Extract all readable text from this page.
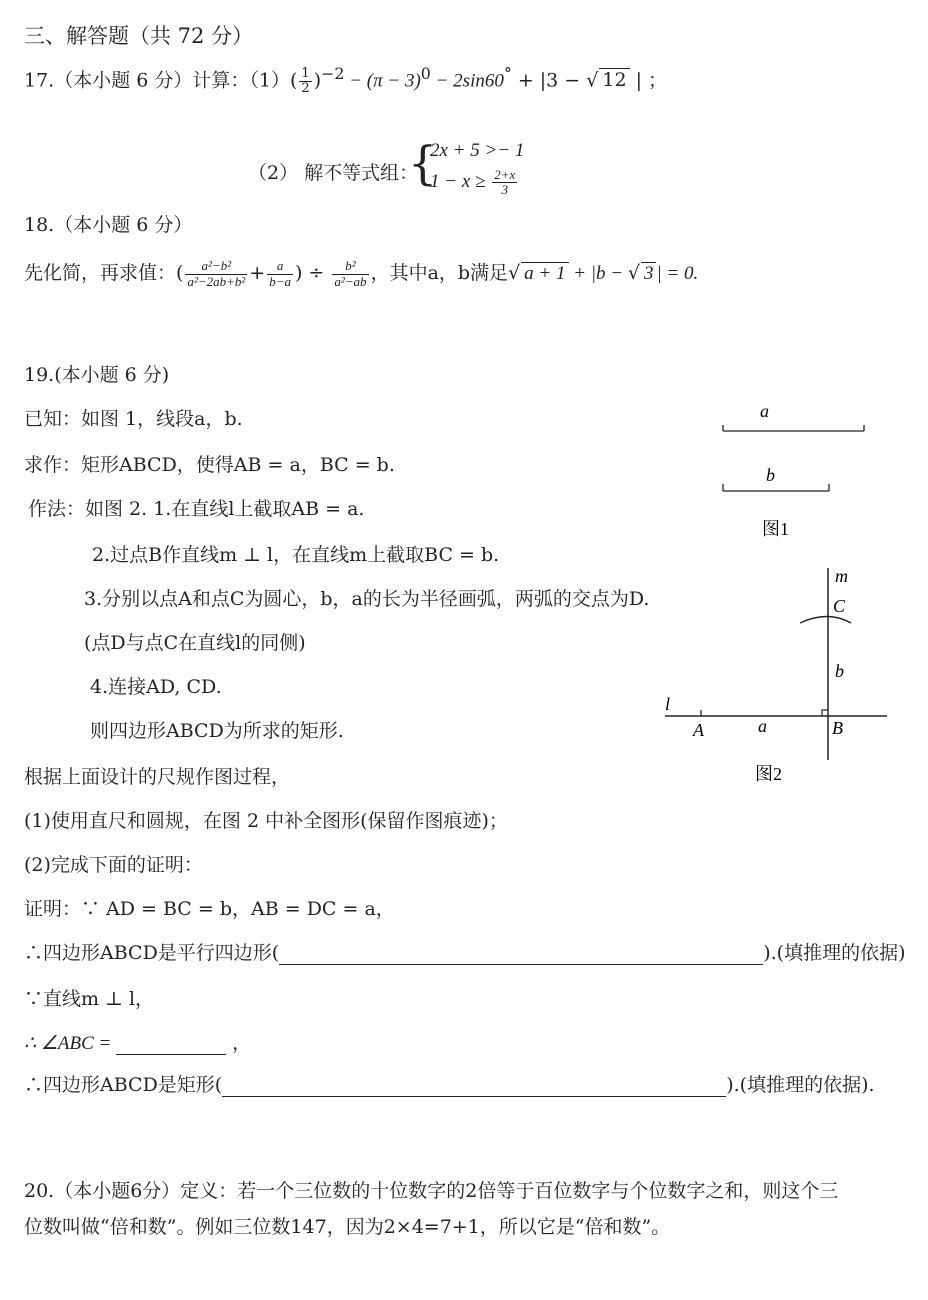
三、解答题（共 72 分）
17.（本小题 6 分）计算：$(1)( \frac{1}{2} )^{-2} - (\pi - 3)^0 - 2\sin 60^\circ + |3$ − √ 12 | ；
（2） 解不等式组：
{
2x + 5 >− 1
$1 - x \ge \frac{2+x}{3}$
18.（本小题 6 分）
先化简，再求值：( $\frac{\text{a²−b²}}{\text{a²−2ab+b²}} + \frac{a}{b-a}$ ) ÷ $\frac{\text{b²}}{\text{a²−ab}}$ ，其中a，b满足√ a + 1 + |b − √ 3 | = 0.
19.(本小题 6 分)
已知：如图 1，线段a，b.
求作：矩形ABCD，使得AB = a，BC = b.
作法：如图 2. 1.在直线l上截取AB = a.
2.过点B作直线m ⊥ l，在直线m上截取BC = b.
3.分别以点A和点C为圆心，b，a的长为半径画弧，两弧的交点为D.
(点D与点C在直线l的同侧)
4.连接AD, CD.
则四边形ABCD为所求的矩形.
根据上面设计的尺规作图过程，
(1)使用直尺和圆规，在图 2 中补全图形(保留作图痕迹)；
(2)完成下面的证明：
证明：∵ AD = BC = b，AB = DC = a，
∴四边形ABCD是平行四边形(	).(填推理的依据)
∵直线m ⊥ l，
∴ ∠ABC =	，
∴四边形ABCD是矩形(	).(填推理的依据).
a
b
图1
m
C
b
l
A	a	B
图2
20.（本小题6分）定义：若一个三位数的十位数字的2倍等于百位数字与个位数字之和，则这个三
位数叫做“倍和数”。例如三位数147，因为2×4=7+1，所以它是“倍和数”。
